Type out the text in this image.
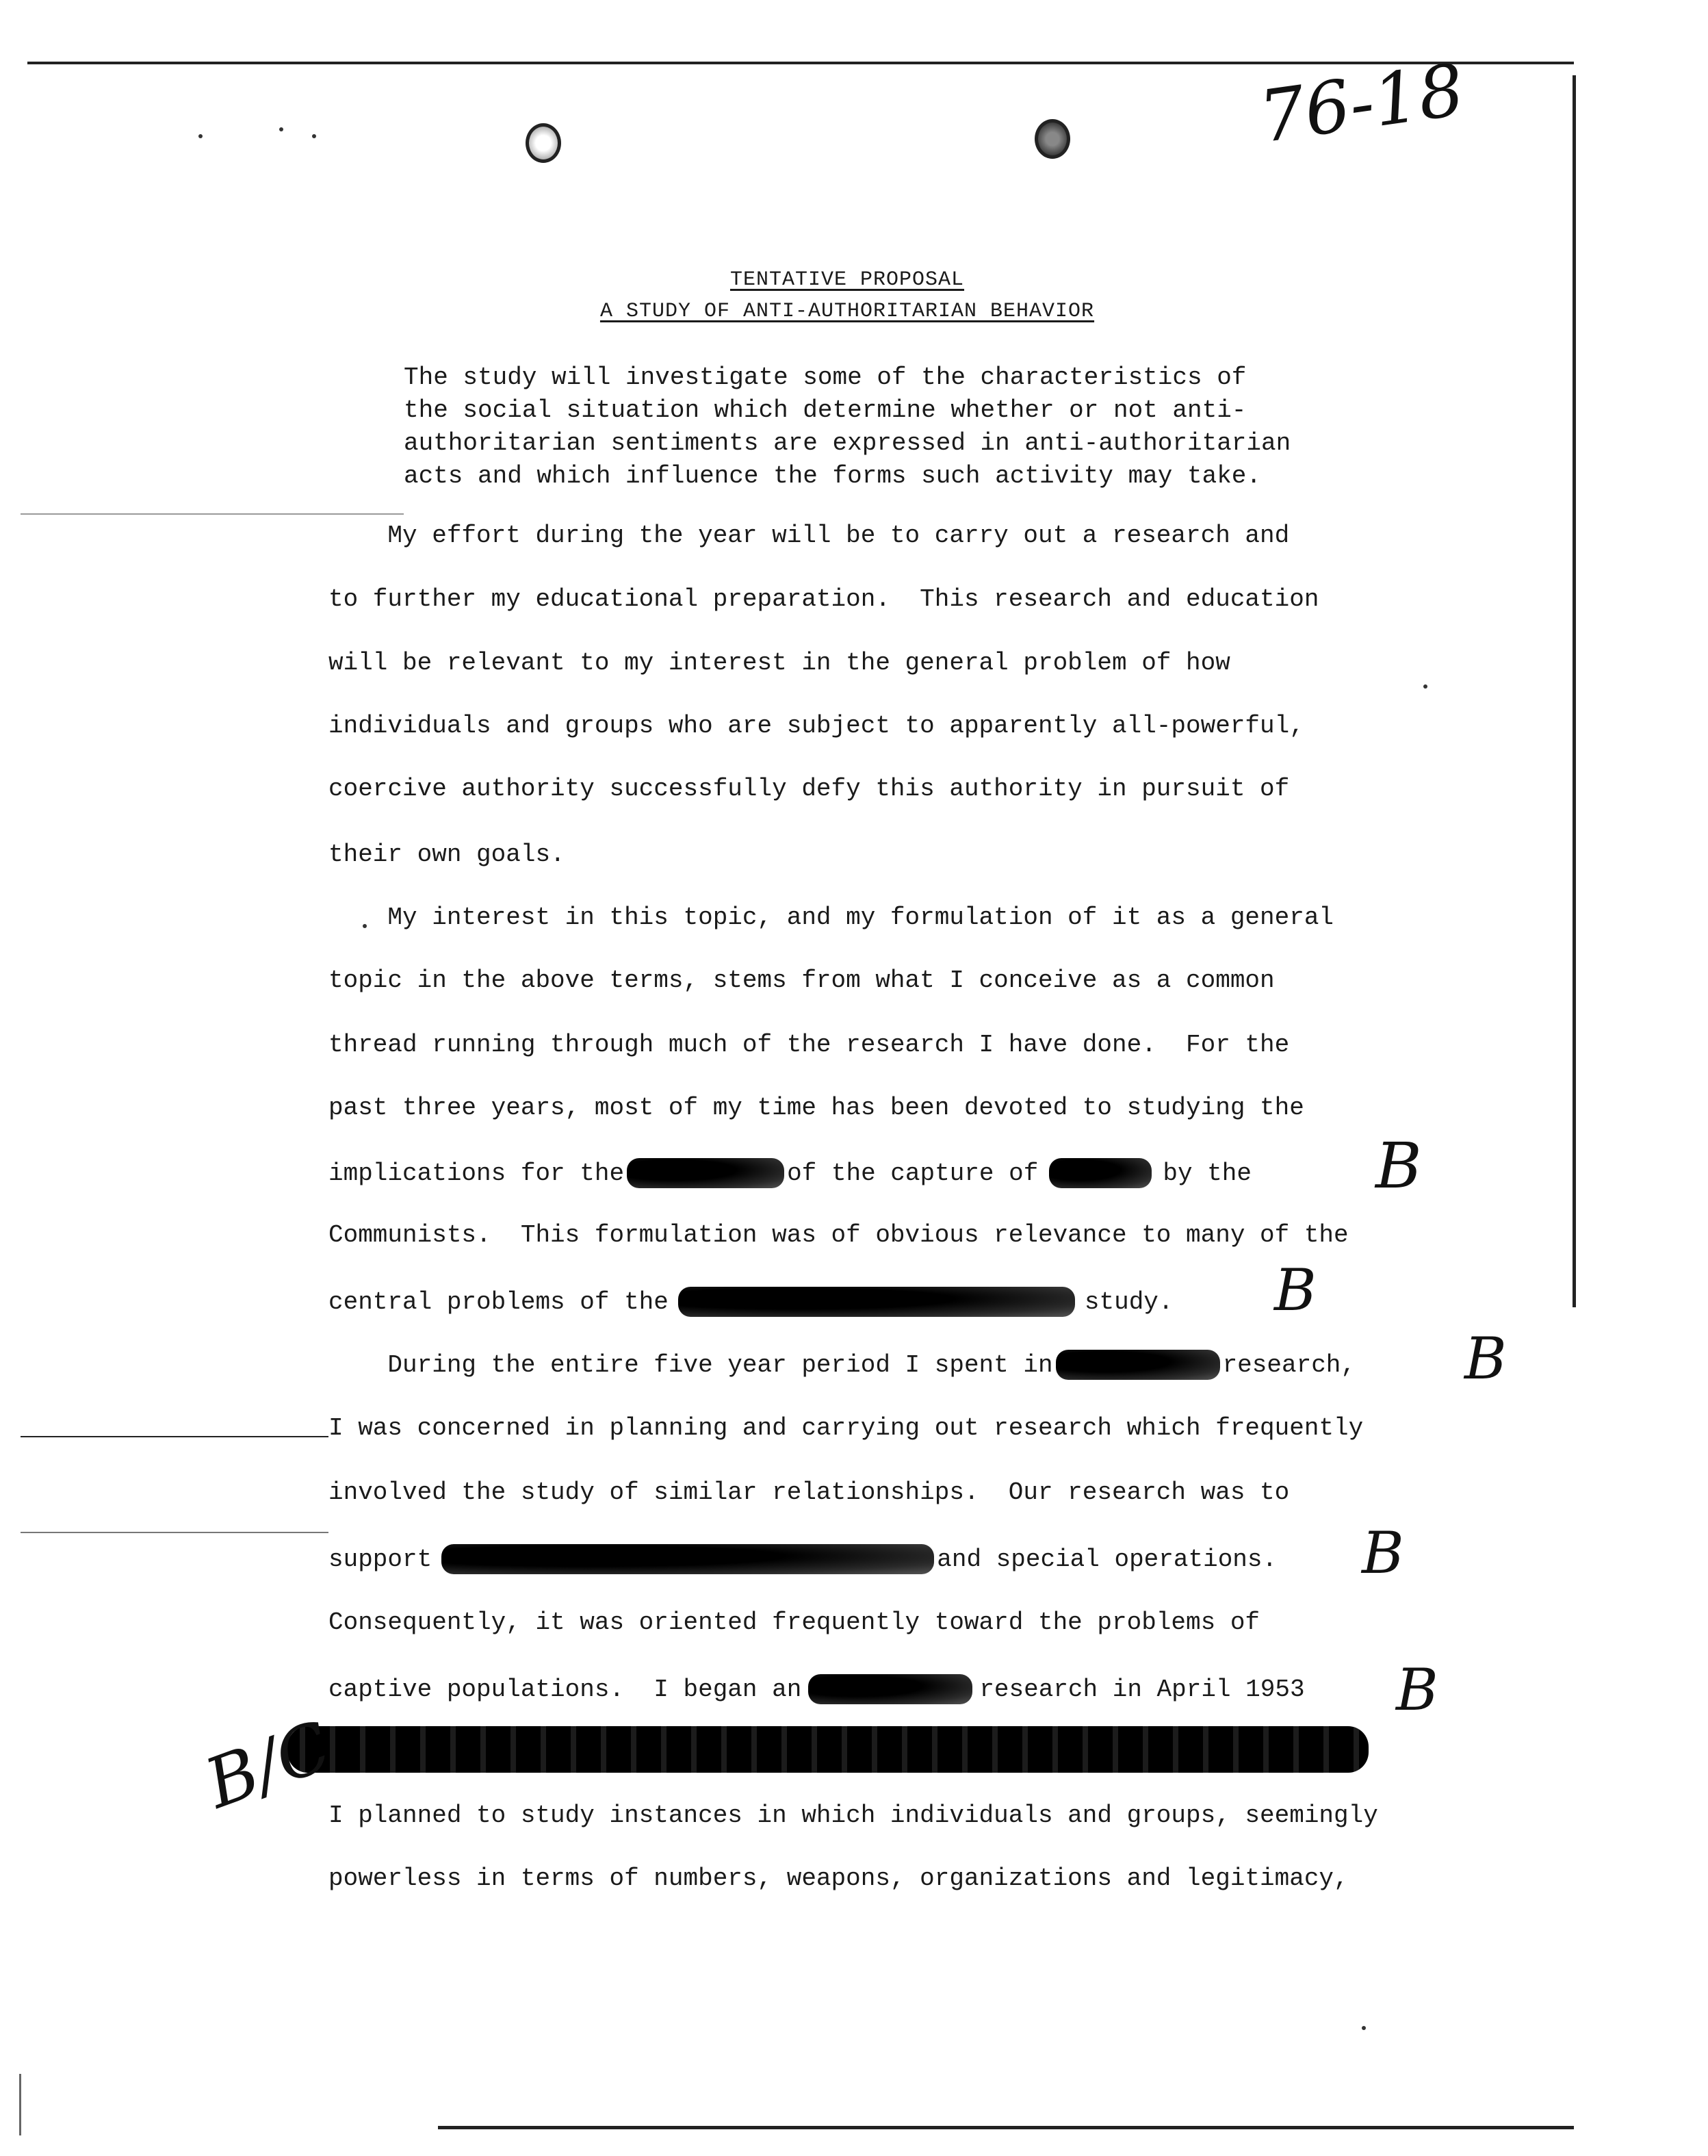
76-18
TENTATIVE PROPOSAL
A STUDY OF ANTI-AUTHORITARIAN BEHAVIOR
The study will investigate some of the characteristics of
the social situation which determine whether or not anti-
authoritarian sentiments are expressed in anti-authoritarian
acts and which influence the forms such activity may take.
My effort during the year will be to carry out a research and
to further my educational preparation.  This research and education
will be relevant to my interest in the general problem of how
individuals and groups who are subject to apparently all-powerful,
coercive authority successfully defy this authority in pursuit of
their own goals.
My interest in this topic, and my formulation of it as a general
topic in the above terms, stems from what I conceive as a common
thread running through much of the research I have done.  For the
past three years, most of my time has been devoted to studying the
implications for the	of the capture of	by the
Communists.  This formulation was of obvious relevance to many of the
central problems of the	study.
During the entire five year period I spent in	research,
I was concerned in planning and carrying out research which frequently
involved the study of similar relationships.  Our research was to
support	and special operations.
Consequently, it was oriented frequently toward the problems of
captive populations.  I began an	research in April 1953
I planned to study instances in which individuals and groups, seemingly
powerless in terms of numbers, weapons, organizations and legitimacy,
B
B
B
B
B
B/C
